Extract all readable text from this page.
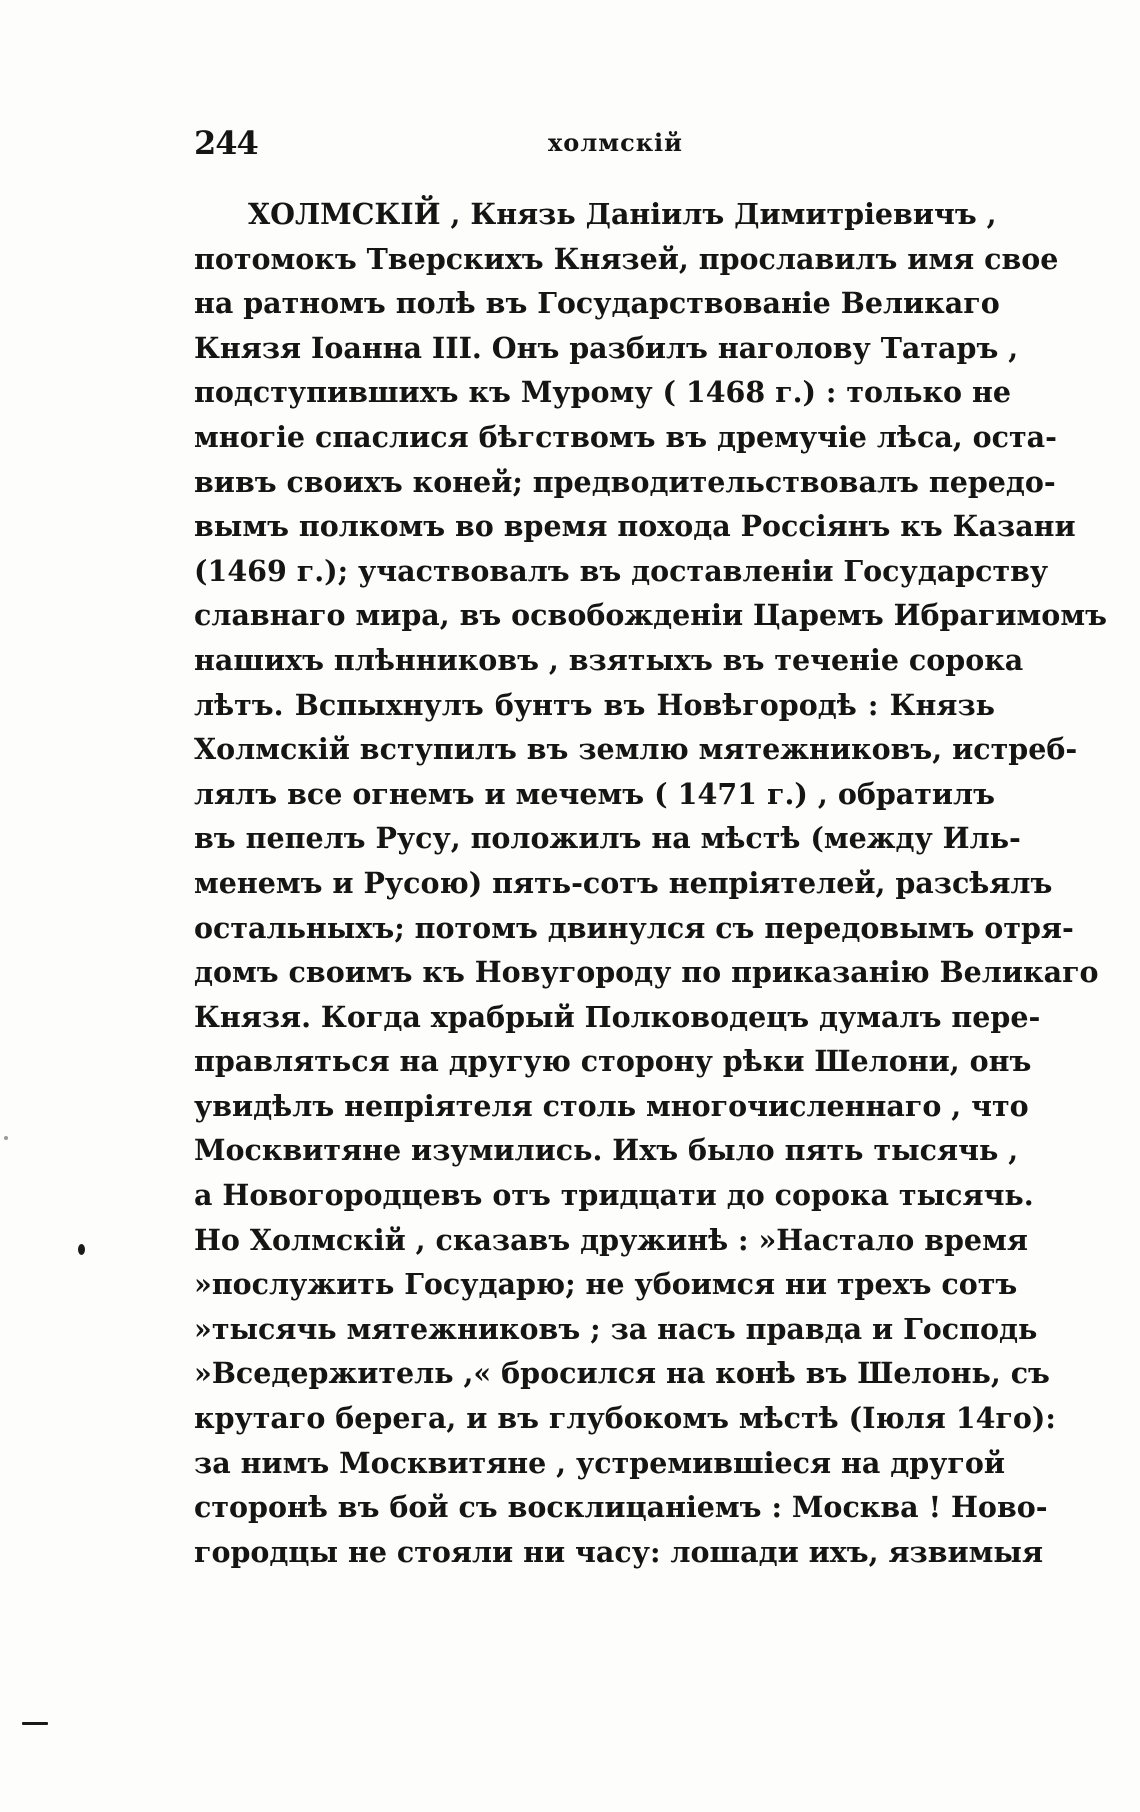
244	холмскій
ХОЛМСКІЙ , Князь Даніилъ Димитріевичъ ,
потомокъ Тверскихъ Князей, прославилъ имя свое
на ратномъ полѣ въ Государствованіе Великаго
Князя Іоанна III. Онъ разбилъ наголову Татаръ ,
подступившихъ къ Мурому ( 1468 г.) : только не
многіе спаслися бѣгствомъ въ дремучіе лѣса, оста-
вивъ своихъ коней; предводительствовалъ передо-
вымъ полкомъ во время похода Россіянъ къ Казани
(1469 г.); участвовалъ въ доставленіи Государству
славнаго мира, въ освобожденіи Царемъ Ибрагимомъ
нашихъ плѣнниковъ , взятыхъ въ теченіе сорока
лѣтъ. Вспыхнулъ бунтъ въ Новѣгородѣ : Князь
Холмскій вступилъ въ землю мятежниковъ, истреб-
лялъ все огнемъ и мечемъ ( 1471 г.) , обратилъ
въ пепелъ Русу, положилъ на мѣстѣ (между Иль-
менемъ и Русою) пять-сотъ непріятелей, разсѣялъ
остальныхъ; потомъ двинулся съ передовымъ отря-
домъ своимъ къ Новугороду по приказанію Великаго
Князя. Когда храбрый Полководецъ думалъ пере-
правляться на другую сторону рѣки Шелони, онъ
увидѣлъ непріятеля столь многочисленнаго , что
Москвитяне изумились. Ихъ было пять тысячь ,
а Новогородцевъ отъ тридцати до сорока тысячь.
Но Холмскій , сказавъ дружинѣ : »Настало время
»послужить Государю; не убоимся ни трехъ сотъ
»тысячь мятежниковъ ; за насъ правда и Господь
»Вседержитель ,« бросился на конѣ въ Шелонь, съ
крутаго берега, и въ глубокомъ мѣстѣ (Іюля 14го):
за нимъ Москвитяне , устремившіеся на другой
сторонѣ въ бой съ восклицаніемъ : Москва ! Ново-
городцы не стояли ни часу: лошади ихъ, язвимыя
